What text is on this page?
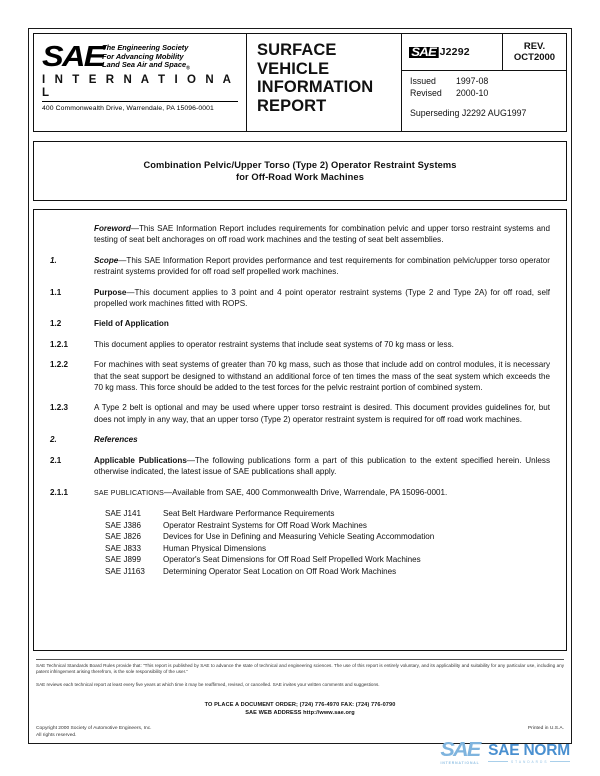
SAE
The Engineering Society
For Advancing Mobility
Land Sea Air and Space$_®$
I N T E R N A T I O N A L
400 Commonwealth Drive, Warrendale, PA 15096-0001
SURFACE
VEHICLE
INFORMATION
REPORT
SAE J2292	REV.
OCT2000
Issued	1997-08
Revised	2000-10
Superseding J2292 AUG1997
Combination Pelvic/Upper Torso (Type 2) Operator Restraint Systems
for Off-Road Work Machines
Foreword—This SAE Information Report includes requirements for combination pelvic and upper torso restraint systems and testing of seat belt anchorages on off road work machines and the testing of seat belt assemblies.
1.	Scope—This SAE Information Report provides performance and test requirements for combination pelvic/upper torso operator restraint systems provided for off road self propelled work machines.
1.1	Purpose—This document applies to 3 point and 4 point operator restraint systems (Type 2 and Type 2A) for off road, self propelled work machines fitted with ROPS.
1.2	Field of Application
1.2.1	This document applies to operator restraint systems that include seat systems of 70 kg mass or less.
1.2.2	For machines with seat systems of greater than 70 kg mass, such as those that include add on control modules, it is necessary that the seat support be designed to withstand an additional force of ten times the mass of the seat system which exceeds the 70 kg mass. This force should be added to the test forces for the pelvic restraint portion of combined system.
1.2.3	A Type 2 belt is optional and may be used where upper torso restraint is desired. This document provides guidelines for, but does not imply in any way, that an upper torso (Type 2) operator restraint system is required for off road work machines.
2.	References
2.1	Applicable Publications—The following publications form a part of this publication to the extent specified herein. Unless otherwise indicated, the latest issue of SAE publications shall apply.
2.1.1	SAE PUBLICATIONS—Available from SAE, 400 Commonwealth Drive, Warrendale, PA 15096-0001.
SAE J141	Seat Belt Hardware Performance Requirements
SAE J386	Operator Restraint Systems for Off Road Work Machines
SAE J826	Devices for Use in Defining and Measuring Vehicle Seating Accommodation
SAE J833	Human Physical Dimensions
SAE J899	Operator's Seat Dimensions for Off Road Self Propelled Work Machines
SAE J1163	Determining Operator Seat Location on Off Road Work Machines

SAE Technical Standards Board Rules provide that: “This report is published by SAE to advance the state of technical and engineering sciences. The use of this report is entirely voluntary, and its applicability and suitability for any particular use, including any patent infringement arising therefrom, is the sole responsibility of the user.”

SAE reviews each technical report at least every five years at which time it may be reaffirmed, revised, or cancelled. SAE invites your written comments and suggestions.

TO PLACE A DOCUMENT ORDER; (724) 776-4970 FAX: (724) 776-0790
SAE WEB ADDRESS http://www.sae.org
Copyright 2000 Society of Automotive Engineers, Inc.
All rights reserved.
Printed in U.S.A.
SAE
INTERNATIONAL
SAE NORM
S T A N D A R D S
